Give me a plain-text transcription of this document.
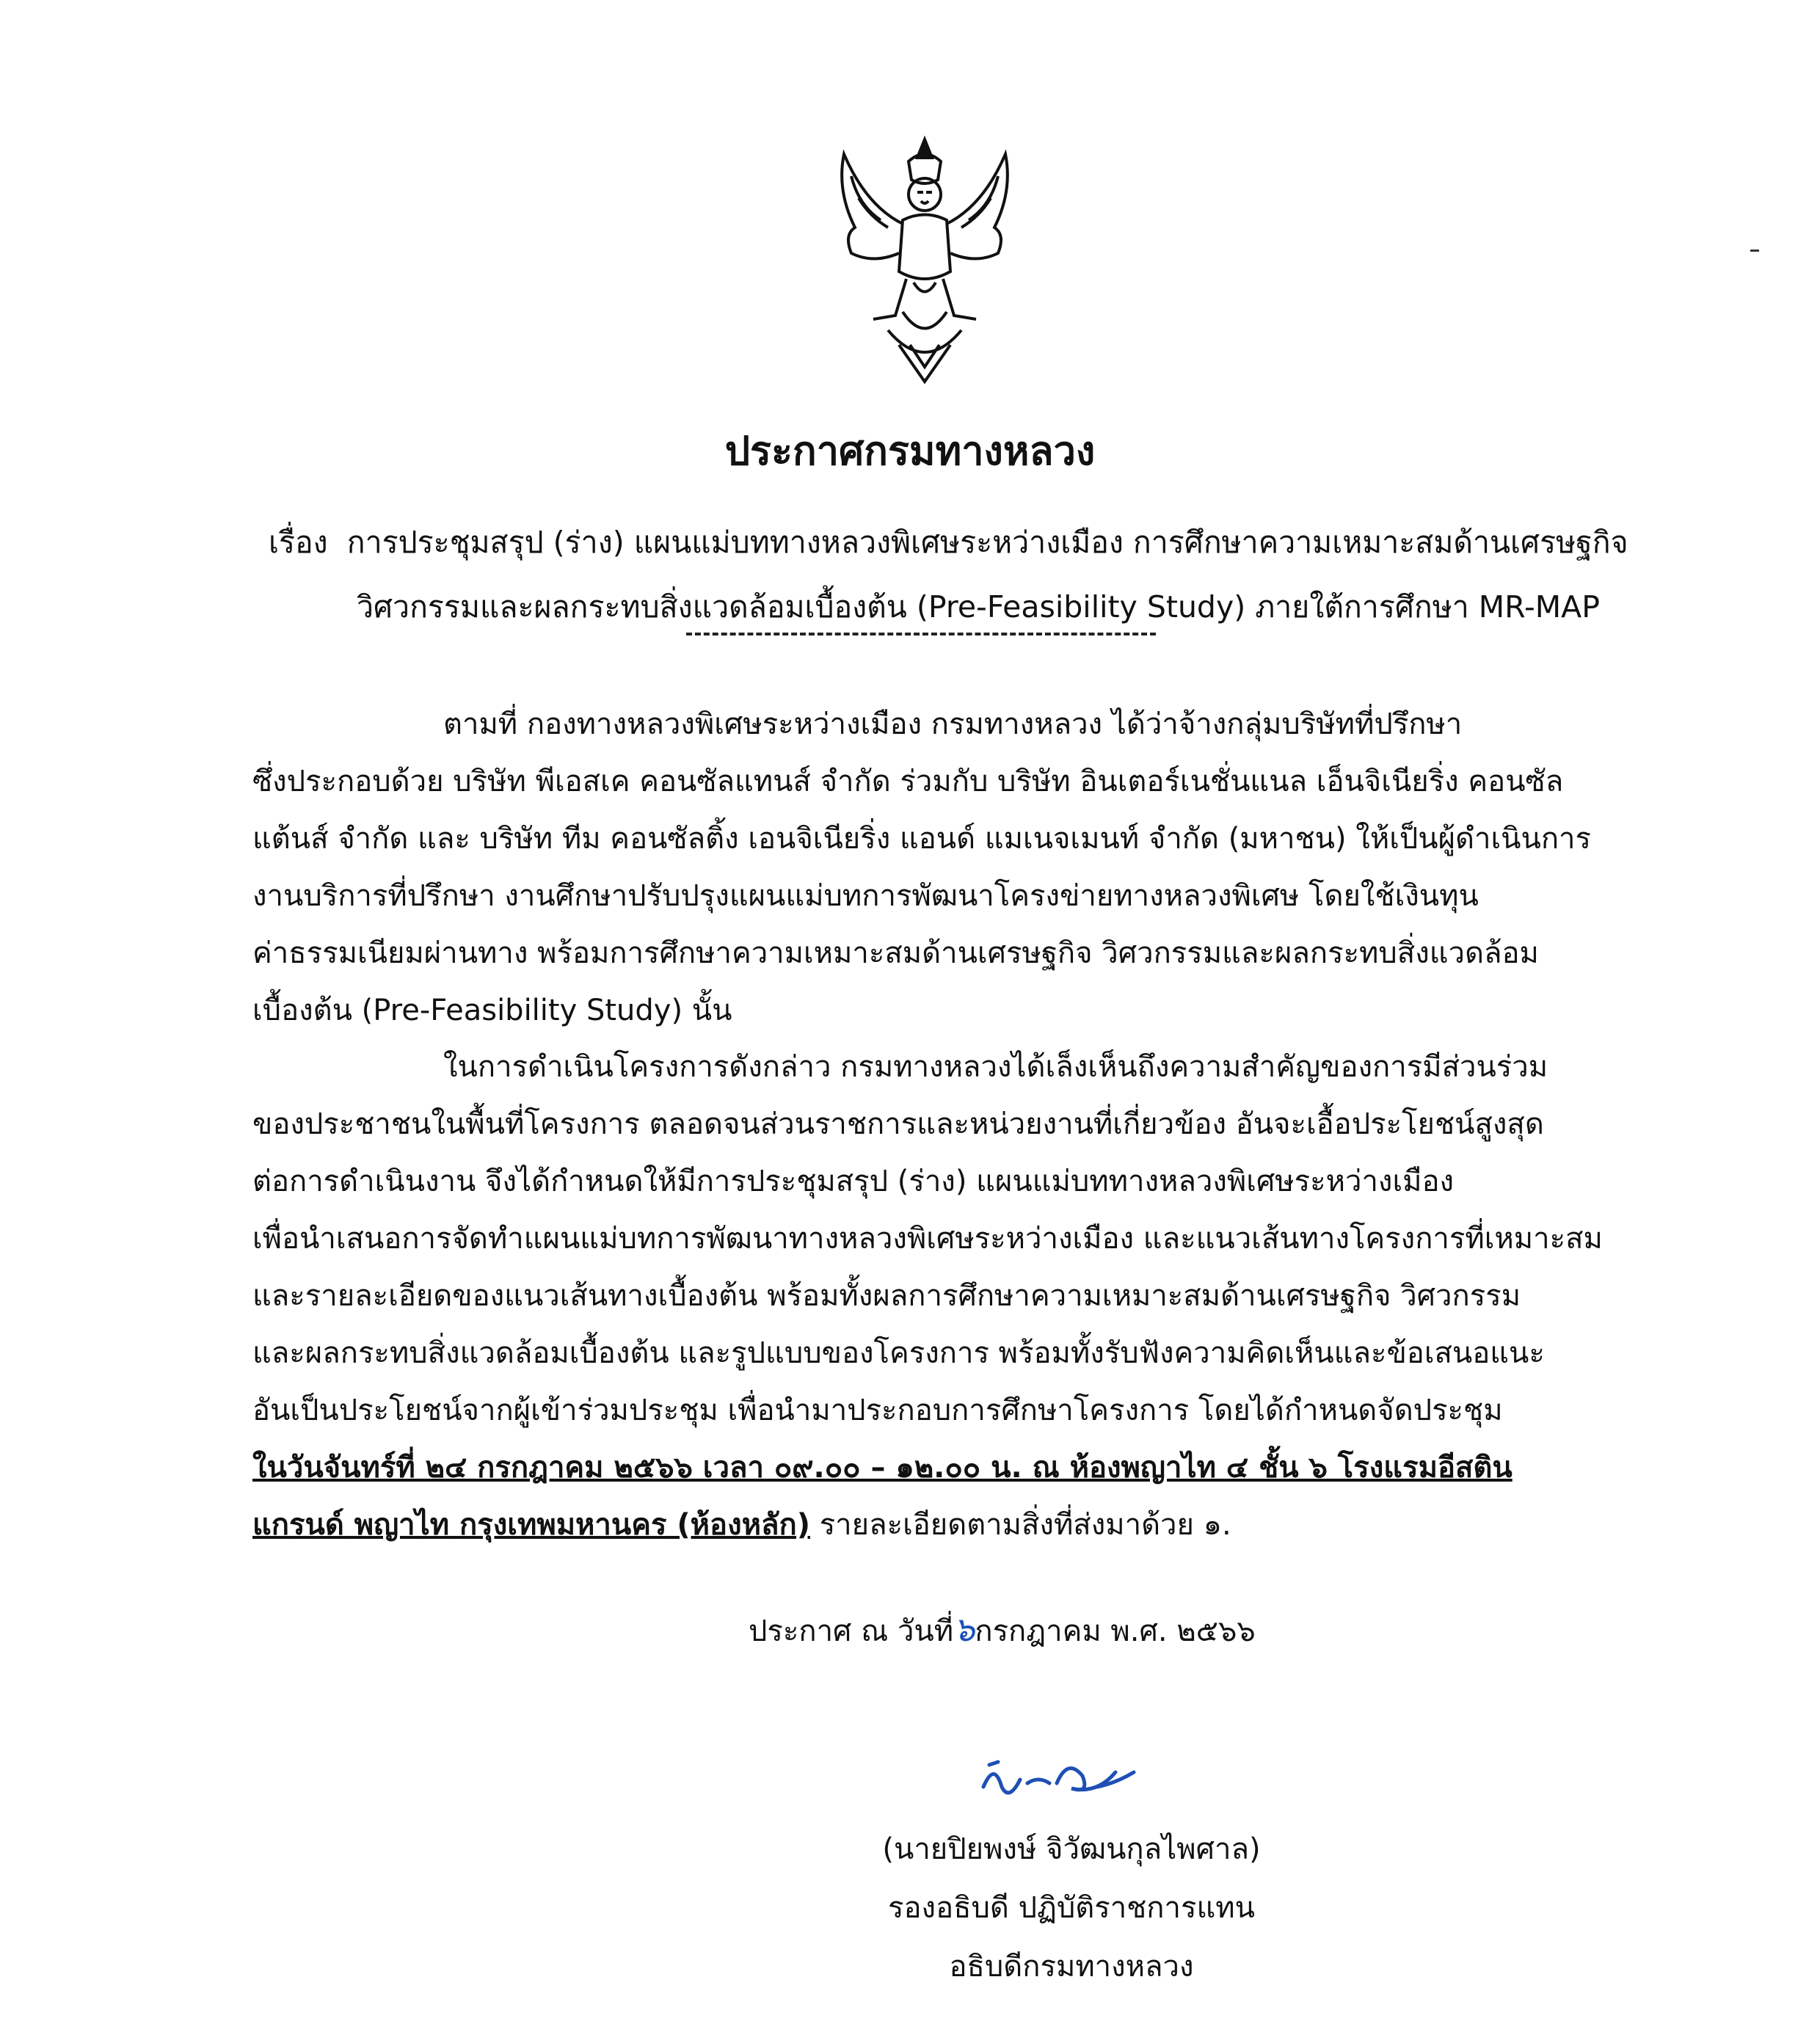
ประกาศกรมทางหลวง
เรื่อง การประชุมสรุป (ร่าง) แผนแม่บททางหลวงพิเศษระหว่างเมือง การศึกษาความเหมาะสมด้านเศรษฐกิจ
วิศวกรรมและผลกระทบสิ่งแวดล้อมเบื้องต้น (Pre-Feasibility Study) ภายใต้การศึกษา MR-MAP
ตามที่ กองทางหลวงพิเศษระหว่างเมือง กรมทางหลวง ได้ว่าจ้างกลุ่มบริษัทที่ปรึกษา
ซึ่งประกอบด้วย บริษัท พีเอสเค คอนซัลแทนส์ จำกัด ร่วมกับ บริษัท อินเตอร์เนชั่นแนล เอ็นจิเนียริ่ง คอนซัล
แต้นส์ จำกัด และ บริษัท ทีม คอนซัลติ้ง เอนจิเนียริ่ง แอนด์ แมเนจเมนท์ จำกัด (มหาชน) ให้เป็นผู้ดำเนินการ
งานบริการที่ปรึกษา งานศึกษาปรับปรุงแผนแม่บทการพัฒนาโครงข่ายทางหลวงพิเศษ โดยใช้เงินทุน
ค่าธรรมเนียมผ่านทาง พร้อมการศึกษาความเหมาะสมด้านเศรษฐกิจ วิศวกรรมและผลกระทบสิ่งแวดล้อม
เบื้องต้น (Pre-Feasibility Study) นั้น
ในการดำเนินโครงการดังกล่าว กรมทางหลวงได้เล็งเห็นถึงความสำคัญของการมีส่วนร่วม
ของประชาชนในพื้นที่โครงการ ตลอดจนส่วนราชการและหน่วยงานที่เกี่ยวข้อง อันจะเอื้อประโยชน์สูงสุด
ต่อการดำเนินงาน จึงได้กำหนดให้มีการประชุมสรุป (ร่าง) แผนแม่บททางหลวงพิเศษระหว่างเมือง
เพื่อนำเสนอการจัดทำแผนแม่บทการพัฒนาทางหลวงพิเศษระหว่างเมือง และแนวเส้นทางโครงการที่เหมาะสม
และรายละเอียดของแนวเส้นทางเบื้องต้น พร้อมทั้งผลการศึกษาความเหมาะสมด้านเศรษฐกิจ วิศวกรรม
และผลกระทบสิ่งแวดล้อมเบื้องต้น และรูปแบบของโครงการ พร้อมทั้งรับฟังความคิดเห็นและข้อเสนอแนะ
อันเป็นประโยชน์จากผู้เข้าร่วมประชุม เพื่อนำมาประกอบการศึกษาโครงการ โดยได้กำหนดจัดประชุม
ในวันจันทร์ที่ ๒๔ กรกฎาคม ๒๕๖๖ เวลา ๐๙.๐๐ – ๑๒.๐๐ น. ณ ห้องพญาไท ๔ ชั้น ๖ โรงแรมอีสติน
แกรนด์ พญาไท กรุงเทพมหานคร (ห้องหลัก) รายละเอียดตามสิ่งที่ส่งมาด้วย ๑.
ประกาศ ณ วันที่๖กรกฎาคม พ.ศ. ๒๕๖๖
(นายปิยพงษ์ จิวัฒนกุลไพศาล)
รองอธิบดี ปฏิบัติราชการแทน
อธิบดีกรมทางหลวง
